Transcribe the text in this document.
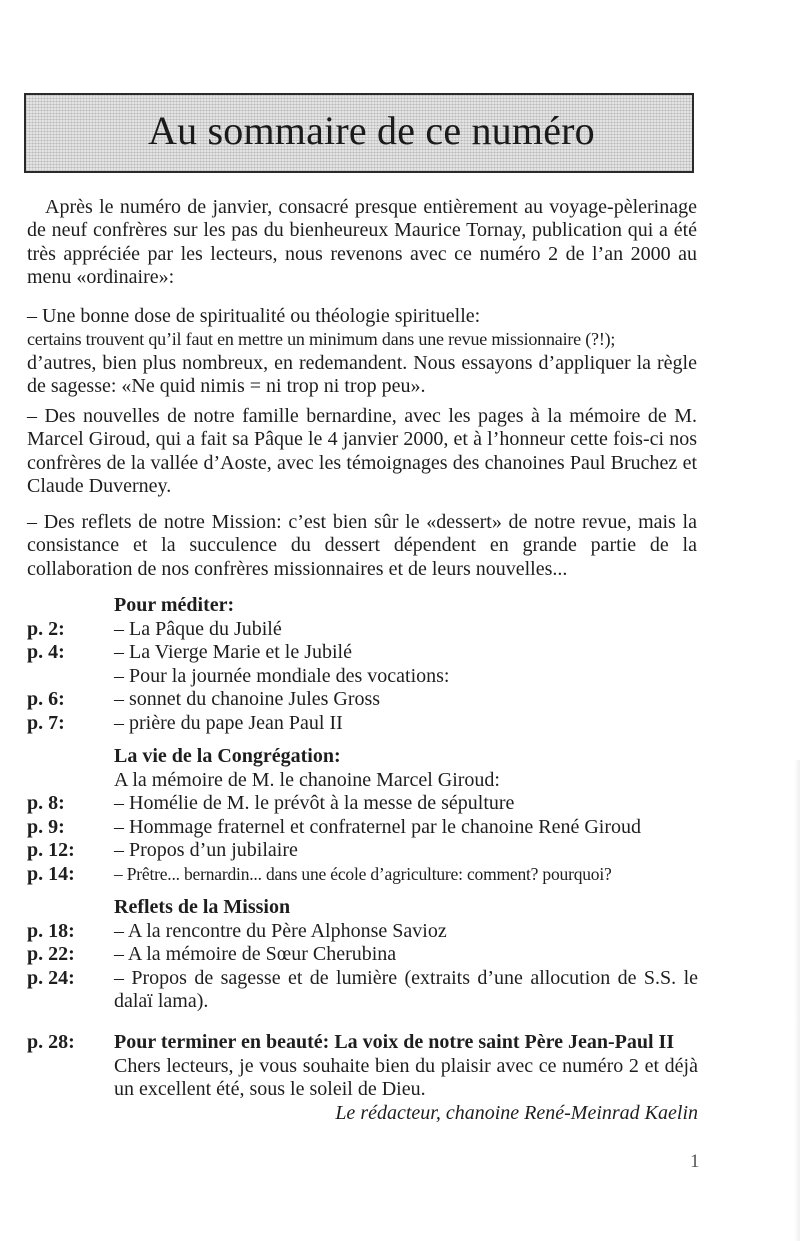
Au sommaire de ce numéro

Après le numéro de janvier, consacré presque entièrement au voyage-pèlerinage de neuf confrères sur les pas du bienheureux Maurice Tornay, publication qui a été très appréciée par les lecteurs, nous revenons avec ce numéro 2 de l’an 2000 au menu «ordinaire»:

– Une bonne dose de spiritualité ou théologie spirituelle:
certains trouvent qu’il faut en mettre un minimum dans une revue missionnaire (?!);
d’autres, bien plus nombreux, en redemandent. Nous essayons d’appliquer la règle de sagesse: «Ne quid nimis = ni trop ni trop peu».

– Des nouvelles de notre famille bernardine, avec les pages à la mémoire de M. Marcel Giroud, qui a fait sa Pâque le 4 janvier 2000, et à l’honneur cette fois-ci nos confrères de la vallée d’Aoste, avec les témoignages des chanoines Paul Bruchez et Claude Duverney.

– Des reflets de notre Mission: c’est bien sûr le «dessert» de notre revue, mais la consistance et la succulence du dessert dépendent en grande partie de la collaboration de nos confrères missionnaires et de leurs nouvelles...

Pour méditer:
p. 2:	– La Pâque du Jubilé
p. 4:	– La Vierge Marie et le Jubilé
– Pour la journée mondiale des vocations:
p. 6:	– sonnet du chanoine Jules Gross
p. 7:	– prière du pape Jean Paul II
La vie de la Congrégation:
A la mémoire de M. le chanoine Marcel Giroud:
p. 8:	– Homélie de M. le prévôt à la messe de sépulture
p. 9:	– Hommage fraternel et confraternel par le chanoine René Giroud
p. 12:	– Propos d’un jubilaire
p. 14:	– Prêtre... bernardin... dans une école d’agriculture: comment? pourquoi?
Reflets de la Mission
p. 18:	– A la rencontre du Père Alphonse Savioz
p. 22:	– A la mémoire de Sœur Cherubina
p. 24:	– Propos de sagesse et de lumière (extraits d’une allocution de S.S. le dalaï lama).
p. 28: Pour terminer en beauté: La voix de notre saint Père Jean-Paul II
Chers lecteurs, je vous souhaite bien du plaisir avec ce numéro 2 et déjà un excellent été, sous le soleil de Dieu.
Le rédacteur, chanoine René-Meinrad Kaelin
1
